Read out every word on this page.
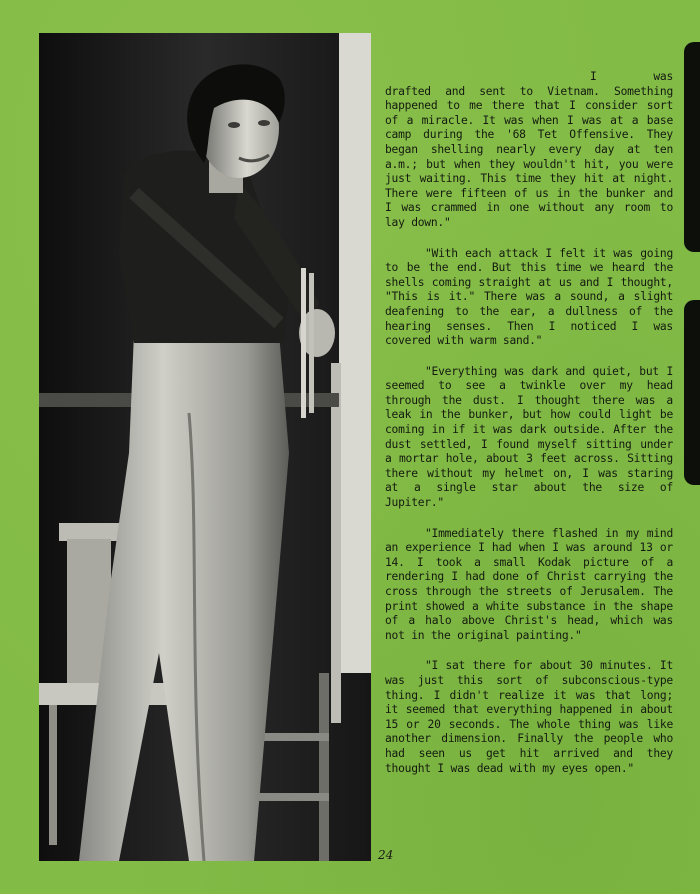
I was drafted and sent to Vietnam. Something happened to me there that I consider sort of a miracle. It was when I was at a base camp during the '68 Tet Offensive. They began shelling nearly every day at ten a.m.; but when they wouldn't hit, you were just waiting. This time they hit at night. There were fifteen of us in the bunker and I was crammed in one without any room to lay down."

"With each attack I felt it was going to be the end. But this time we heard the shells coming straight at us and I thought, "This is it." There was a sound, a slight deafening to the ear, a dullness of the hearing senses. Then I noticed I was covered with warm sand."

"Everything was dark and quiet, but I seemed to see a twinkle over my head through the dust. I thought there was a leak in the bunker, but how could light be coming in if it was dark outside. After the dust settled, I found myself sitting under a mortar hole, about 3 feet across. Sitting there without my helmet on, I was staring at a single star about the size of Jupiter."

"Immediately there flashed in my mind an experience I had when I was around 13 or 14. I took a small Kodak picture of a rendering I had done of Christ carrying the cross through the streets of Jerusalem. The print showed a white substance in the shape of a halo above Christ's head, which was not in the original painting."

"I sat there for about 30 minutes. It was just this sort of subconscious-type thing. I didn't realize it was that long; it seemed that everything happened in about 15 or 20 seconds. The whole thing was like another dimension. Finally the people who had seen us get hit arrived and they thought I was dead with my eyes open."

24
